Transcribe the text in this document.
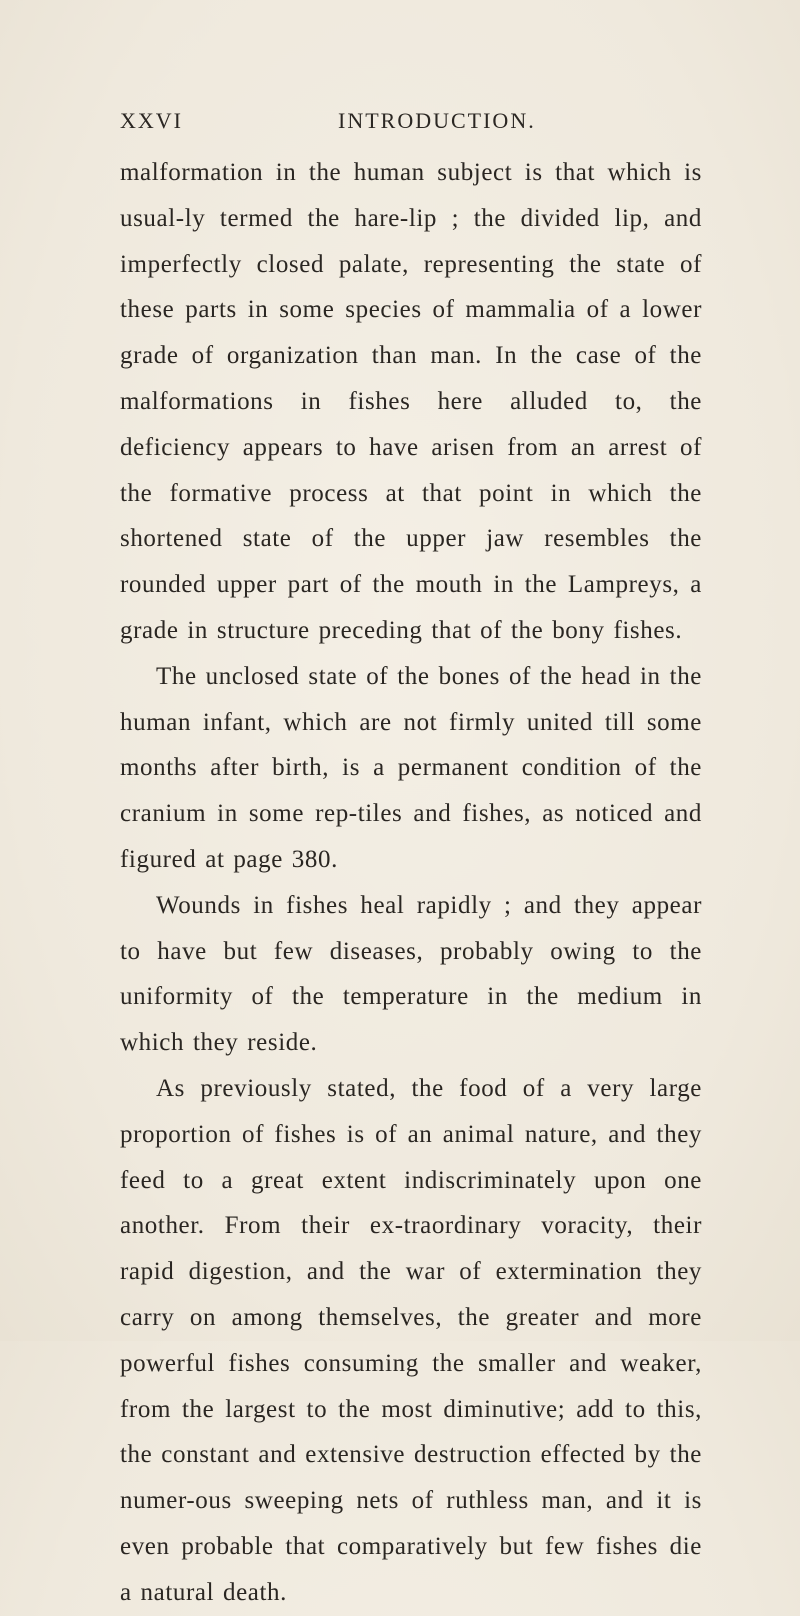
XXVI	INTRODUCTION.

malformation in the human subject is that which is usual-ly termed the hare-lip ; the divided lip, and imperfectly closed palate, representing the state of these parts in some species of mammalia of a lower grade of organization than man. In the case of the malformations in fishes here alluded to, the deficiency appears to have arisen from an arrest of the formative process at that point in which the shortened state of the upper jaw resembles the rounded upper part of the mouth in the Lampreys, a grade in structure preceding that of the bony fishes.

The unclosed state of the bones of the head in the human infant, which are not firmly united till some months after birth, is a permanent condition of the cranium in some rep-tiles and fishes, as noticed and figured at page 380.

Wounds in fishes heal rapidly ; and they appear to have but few diseases, probably owing to the uniformity of the temperature in the medium in which they reside.

As previously stated, the food of a very large proportion of fishes is of an animal nature, and they feed to a great extent indiscriminately upon one another. From their ex-traordinary voracity, their rapid digestion, and the war of extermination they carry on among themselves, the greater and more powerful fishes consuming the smaller and weaker, from the largest to the most diminutive; add to this, the constant and extensive destruction effected by the numer-ous sweeping nets of ruthless man, and it is even probable that comparatively but few fishes die a natural death.
